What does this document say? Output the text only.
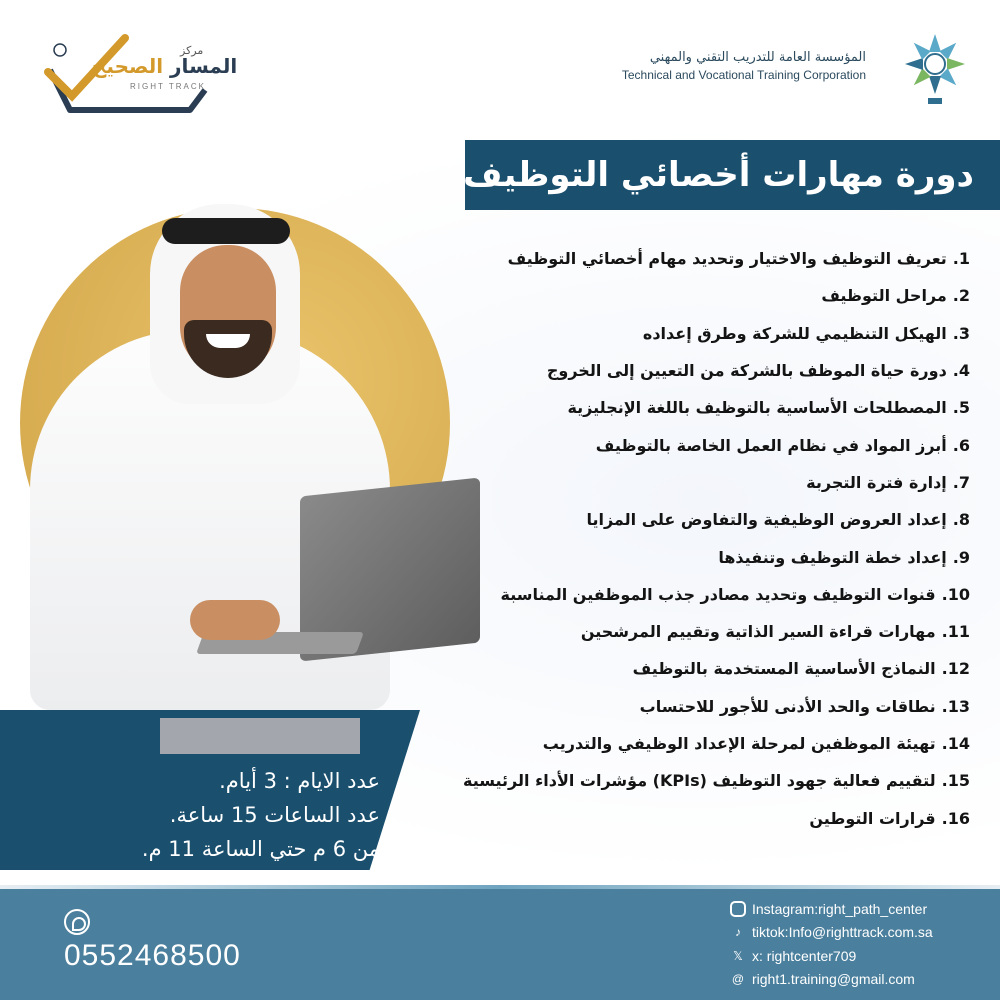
المؤسسة العامة للتدريب التقني والمهني
Technical and Vocational Training Corporation
مركز
المسار الصحيح
RIGHT TRACK
دورة مهارات أخصائي التوظيف
1.
تعريف التوظيف والاختيار وتحديد مهام أخصائي التوظيف
2.
مراحل التوظيف
3.
الهيكل التنظيمي للشركة وطرق إعداده
4.
دورة حياة الموظف بالشركة من التعيين إلى الخروج
5.
المصطلحات الأساسية بالتوظيف باللغة الإنجليزية
6.
أبرز المواد في نظام العمل الخاصة بالتوظيف
7.
إدارة فترة التجربة
8.
إعداد العروض الوظيفية والتفاوض على المزايا
9.
إعداد خطة التوظيف وتنفيذها
10.
قنوات التوظيف وتحديد مصادر جذب الموظفين المناسبة
11.
مهارات قراءة السير الذاتية وتقييم المرشحين
12.
النماذج الأساسية المستخدمة بالتوظيف
13.
نطاقات والحد الأدنى للأجور للاحتساب
14.
تهيئة الموظفين لمرحلة الإعداد الوظيفي والتدريب
15.
لتقييم فعالية جهود التوظيف (KPIs) مؤشرات الأداء الرئيسية
16.
قرارات التوطين
عدد الايام : 3 أيام
.
عدد الساعات 15 ساعة
.
من 6 م حتي الساعة 11 م
.
0552468500
Instagram:right_path_center
♪ tiktok:Info@righttrack.com.sa
𝕏 x: rightcenter709
@ right1.training@gmail.com
